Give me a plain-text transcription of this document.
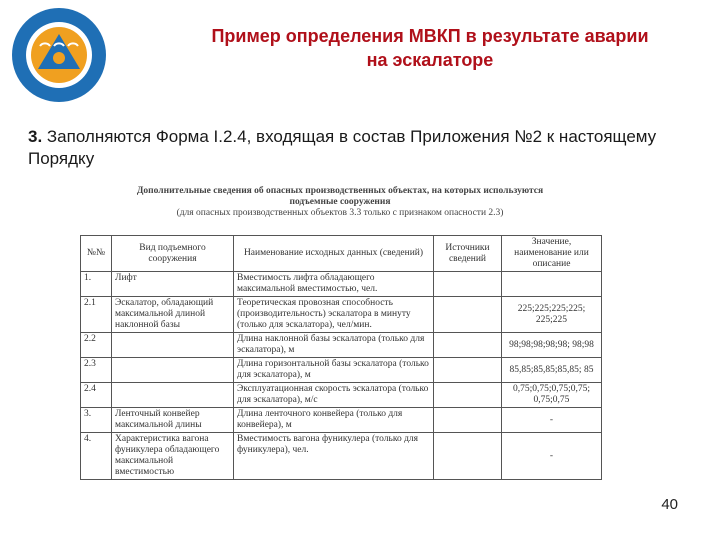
Пример определения МВКП в результате аварии
на эскалаторе
3. Заполняются Форма I.2.4, входящая в состав Приложения №2 к настоящему Порядку
Дополнительные сведения об опасных производственных объектах, на которых используются
подъемные сооружения
(для опасных производственных объектов 3.3 только с признаком опасности 2.3)
№№	Вид подъемного сооружения	Наименование исходных данных (сведений)	Источники сведений	Значение, наименование или описание
1.	Лифт	Вместимость лифта обладающего максимальной вместимостью, чел.		
2.1	Эскалатор, обладающий максимальной длиной наклонной базы	Теоретическая провозная способность (производительность) эскалатора в минуту (только для эскалатора), чел/мин.		225;225;225;225; 225;225
2.2		Длина наклонной базы эскалатора (только для эскалатора), м		98;98;98;98;98; 98;98
2.3		Длина горизонтальной базы эскалатора (только для эскалатора), м		85,85;85,85;85,85; 85
2.4		Эксплуатационная скорость эскалатора (только для эскалатора), м/с		0,75;0,75;0,75;0,75; 0,75;0,75
3.	Ленточный конвейер максимальной длины	Длина ленточного конвейера (только для конвейера), м		-
4.	Характеристика вагона фуникулера обладающего максимальной вместимостью	Вместимость вагона фуникулера (только для фуникулера), чел.		-
40
